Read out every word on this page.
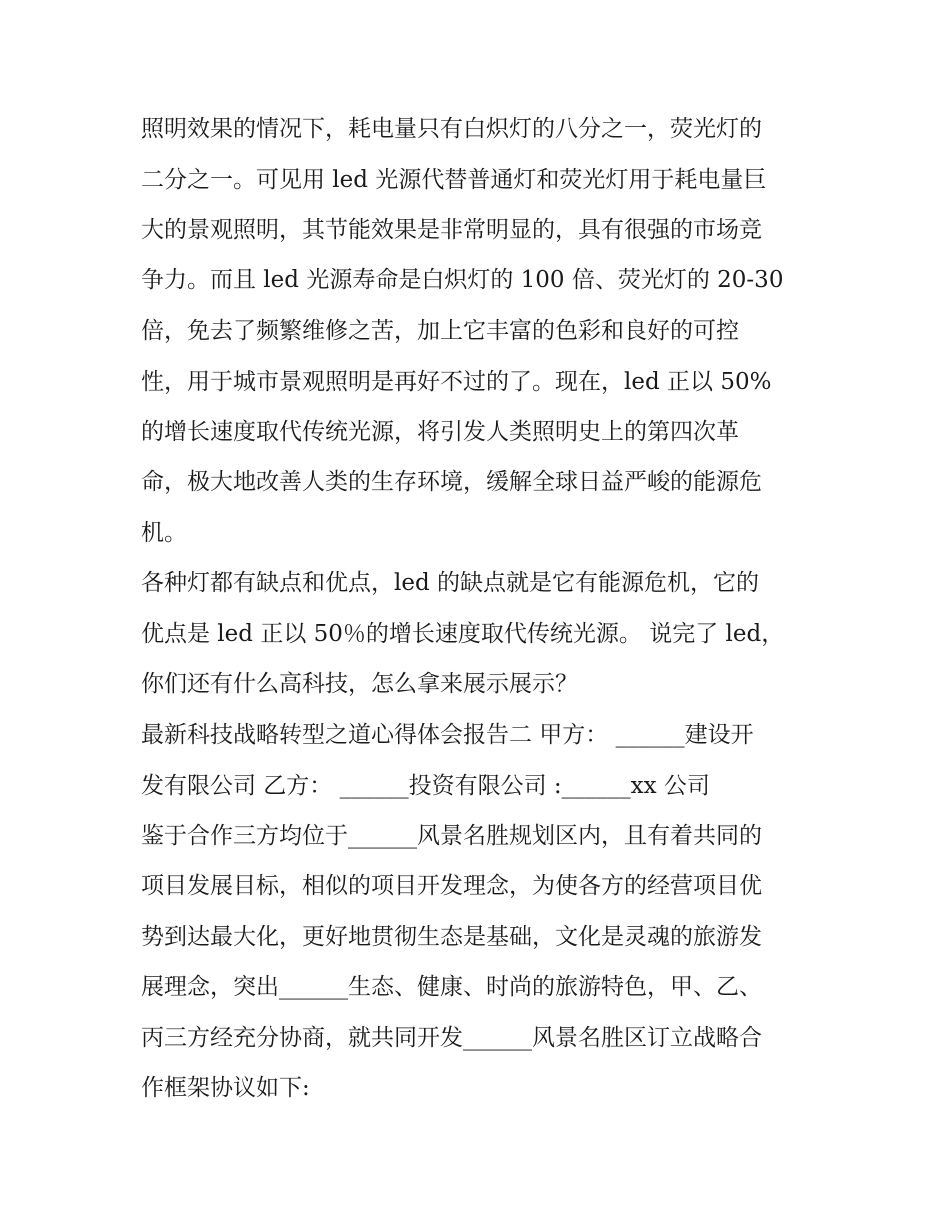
照明效果的情况下，耗电量只有白炽灯的八分之一，荧光灯的
二分之一。可见用 led 光源代替普通灯和荧光灯用于耗电量巨
大的景观照明，其节能效果是非常明显的，具有很强的市场竞
争力。而且 led 光源寿命是白炽灯的 100 倍、荧光灯的 20-30
倍，免去了频繁维修之苦，加上它丰富的色彩和良好的可控
性，用于城市景观照明是再好不过的了。现在，led 正以 50%
的增长速度取代传统光源，将引发人类照明史上的第四次革
命，极大地改善人类的生存环境，缓解全球日益严峻的能源危
机。
各种灯都有缺点和优点，led 的缺点就是它有能源危机，它的
优点是 led 正以 50％的增长速度取代传统光源。 说完了 led，
你们还有什么高科技，怎么拿来展示展示？
最新科技战略转型之道心得体会报告二 甲方： ______建设开
发有限公司 乙方： ______投资有限公司 :______xx 公司
鉴于合作三方均位于______风景名胜规划区内，且有着共同的
项目发展目标，相似的项目开发理念，为使各方的经营项目优
势到达最大化，更好地贯彻生态是基础，文化是灵魂的旅游发
展理念，突出______生态、健康、时尚的旅游特色，甲、乙、
丙三方经充分协商，就共同开发______风景名胜区订立战略合
作框架协议如下:
